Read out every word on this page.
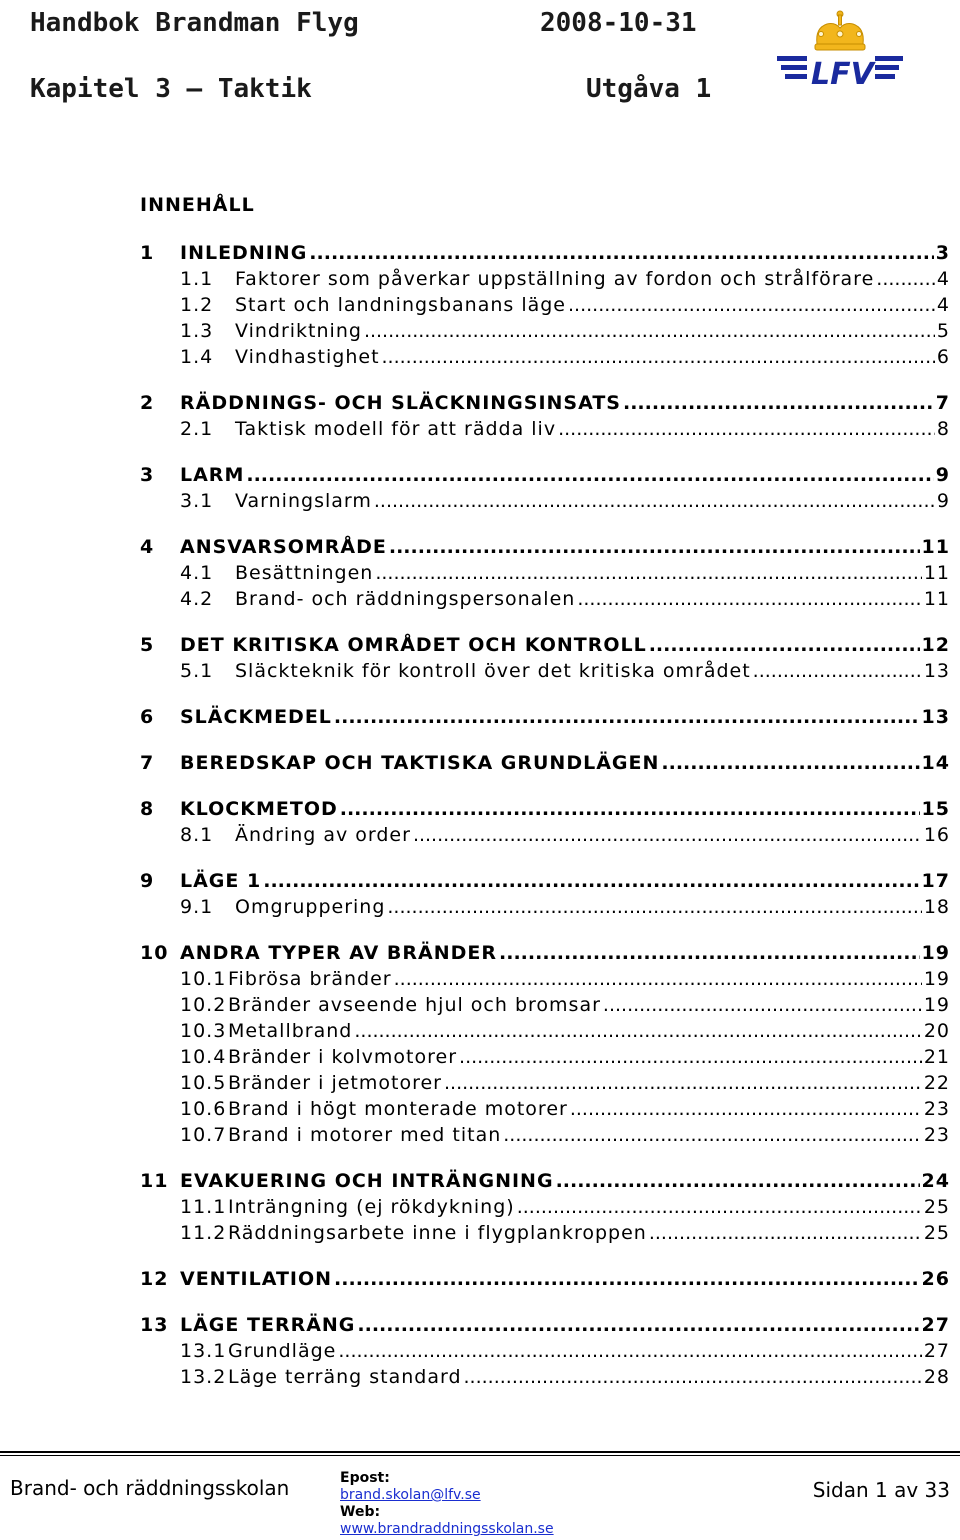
Handbok Brandman Flyg	2008-10-31
Kapitel 3 — Taktik	Utgåva 1	LFV
INNEHÅLL
1	INLEDNING .....	3
1.1	Faktorer som påverkar uppställning av fordon och strålförare .....	4
1.2	Start och landningsbanans läge .....	4
1.3	Vindriktning .....	5
1.4	Vindhastighet .....	6
2	RÄDDNINGS- OCH SLÄCKNINGSINSATS .....	7
2.1	Taktisk modell för att rädda liv .....	8
3	LARM .....	9
3.1	Varningslarm .....	9
4	ANSVARSOMRÅDE .....	11
4.1	Besättningen .....	11
4.2	Brand- och räddningspersonalen .....	11
5	DET KRITISKA OMRÅDET OCH KONTROLL .....	12
5.1	Släckteknik för kontroll över det kritiska området .....	13
6	SLÄCKMEDEL .....	13
7	BEREDSKAP OCH TAKTISKA GRUNDLÄGEN .....	14
8	KLOCKMETOD .....	15
8.1	Ändring av order .....	16
9	LÄGE 1 .....	17
9.1	Omgruppering .....	18
10 ANDRA TYPER AV BRÄNDER .....	19
10.1 Fibrösa bränder .....	19
10.2 Bränder avseende hjul och bromsar .....	19
10.3 Metallbrand .....	20
10.4 Bränder i kolvmotorer .....	21
10.5 Bränder i jetmotorer .....	22
10.6 Brand i högt monterade motorer .....	23
10.7 Brand i motorer med titan .....	23
11 EVAKUERING OCH INTRÄNGNING .....	24
11.1 Inträngning (ej rökdykning) .....	25
11.2 Räddningsarbete inne i flygplankroppen .....	25
12 VENTILATION .....	26
13 LÄGE TERRÄNG .....	27
13.1 Grundläge .....	27
13.2 Läge terräng standard .....	28
Brand- och räddningsskolan	Epost:
brand.skolan@lfv.se
Web:
www.brandraddningsskolan.se
Sidan 1 av 33
